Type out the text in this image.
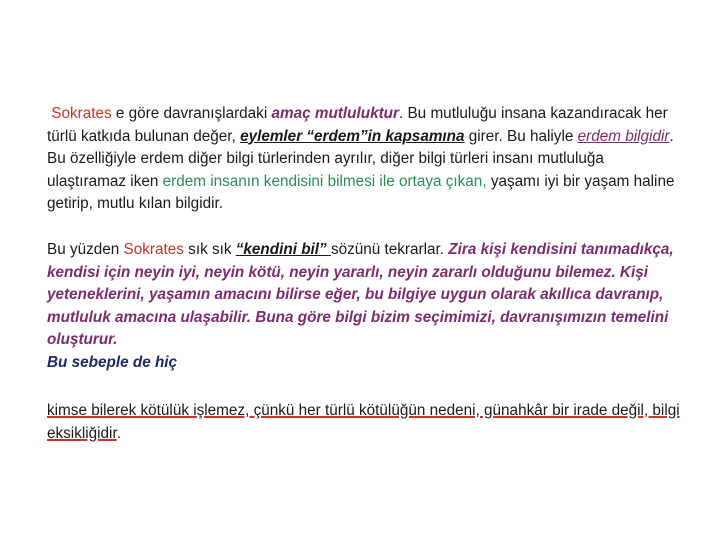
Sokrates e göre davranışlardaki amaç mutluluktur. Bu mutluluğu insana kazandıracak her türlü katkıda bulunan değer, eylemler “erdem”in kapsamına girer. Bu haliyle erdem bilgidir. Bu özelliğiyle erdem diğer bilgi türlerinden ayrılır, diğer bilgi türleri insanı mutluluğa ulaştıramaz iken erdem insanın kendisini bilmesi ile ortaya çıkan, yaşamı iyi bir yaşam haline getirip, mutlu kılan bilgidir.
Bu yüzden Sokrates sık sık “kendini bil” sözünü tekrarlar. Zira kişi kendisini tanımadıkça, kendisi için neyin iyi, neyin kötü, neyin yararlı, neyin zararlı olduğunu bilemez. Kişi yeteneklerini, yaşamın amacını bilirse eğer, bu bilgiye uygun olarak akıllıca davranıp, mutluluk amacına ulaşabilir. Buna göre bilgi bizim seçimimizi, davranışımızın temelini oluşturur.
Bu sebeple de hiç
kimse bilerek kötülük işlemez, çünkü her türlü kötülüğün nedeni, günahkâr bir irade değil, bilgi eksikliğidir.
